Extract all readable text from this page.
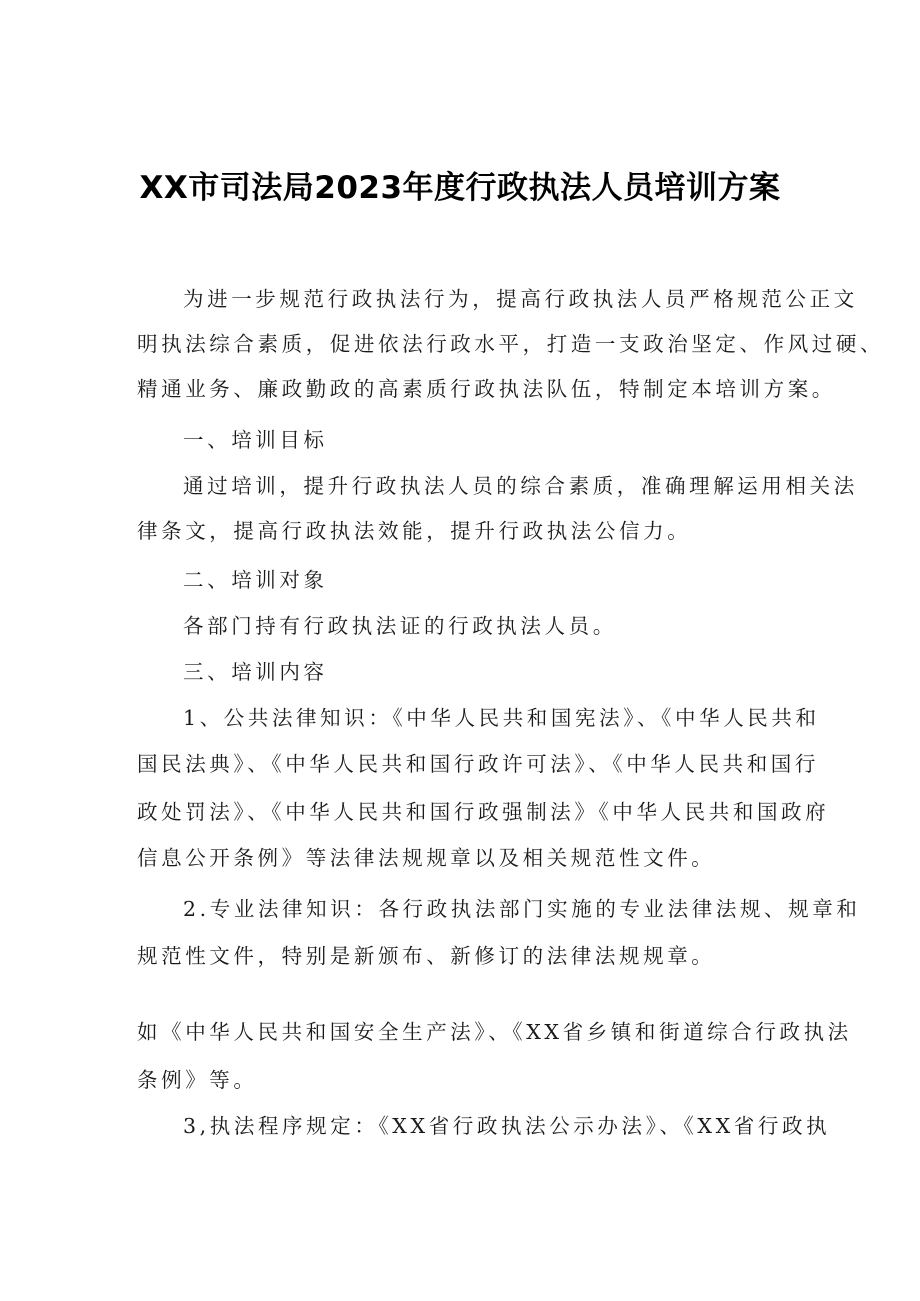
XX市司法局2023年度行政执法人员培训方案
为进一步规范行政执法行为，提高行政执法人员严格规范公正文
明执法综合素质，促进依法行政水平，打造一支政治坚定、作风过硬、
精通业务、廉政勤政的高素质行政执法队伍，特制定本培训方案。
一、培训目标
通过培训，提升行政执法人员的综合素质，准确理解运用相关法
律条文，提高行政执法效能，提升行政执法公信力。
二、培训对象
各部门持有行政执法证的行政执法人员。
三、培训内容
1、公共法律知识：《中华人民共和国宪法》、《中华人民共和
国民法典》、《中华人民共和国行政许可法》、《中华人民共和国行
政处罚法》、《中华人民共和国行政强制法》《中华人民共和国政府
信息公开条例》等法律法规规章以及相关规范性文件。
2.专业法律知识：各行政执法部门实施的专业法律法规、规章和
规范性文件，特别是新颁布、新修订的法律法规规章。
如《中华人民共和国安全生产法》、《XX省乡镇和街道综合行政执法
条例》等。
3,执法程序规定：《XX省行政执法公示办法》、《XX省行政执
